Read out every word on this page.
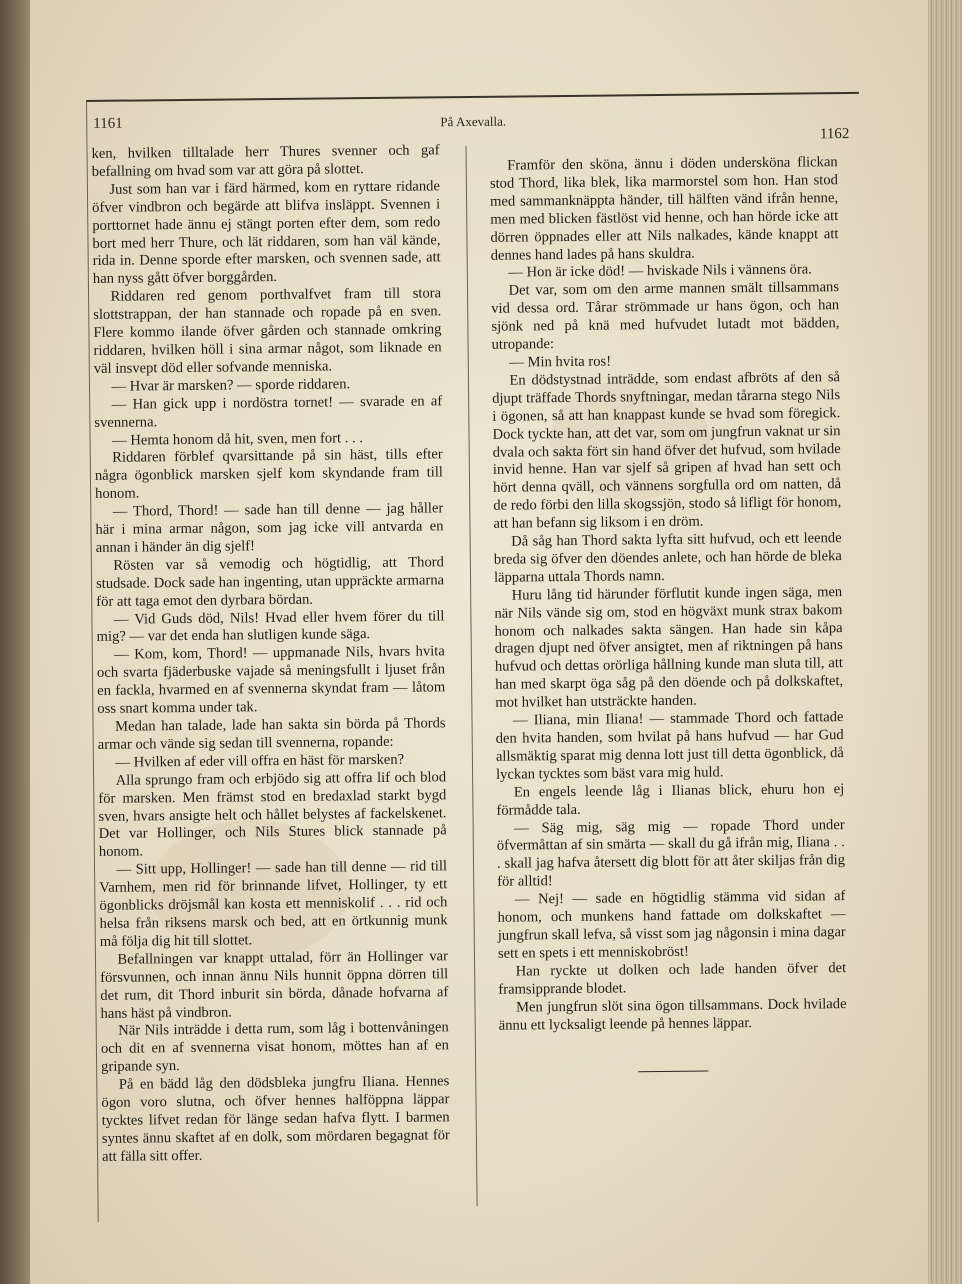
1161	På Axevalla.
1162

ken, hvilken tilltalade herr Thures svenner och gaf befallning om hvad som var att göra på slottet.

Just som han var i färd härmed, kom en ryttare ridande öfver vindbron och begärde att blifva insläppt. Svennen i porttornet hade ännu ej stängt porten efter dem, som redo bort med herr Thure, och lät riddaren, som han väl kände, rida in. Denne sporde efter marsken, och svennen sade, att han nyss gått öfver borggården.

Riddaren red genom porthvalfvet fram till stora slottstrappan, der han stannade och ropade på en sven. Flere kommo ilande öfver gården och stannade omkring riddaren, hvilken höll i sina armar något, som liknade en väl insvept död eller sofvande menniska.

— Hvar är marsken? — sporde riddaren.

— Han gick upp i nordöstra tornet! — svarade en af svennerna.

— Hemta honom då hit, sven, men fort . . .

Riddaren förblef qvarsittande på sin häst, tills efter några ögonblick marsken sjelf kom skyndande fram till honom.

— Thord, Thord! — sade han till denne — jag håller här i mina armar någon, som jag icke vill antvarda en annan i händer än dig sjelf!

Rösten var så vemodig och högtidlig, att Thord studsade. Dock sade han ingenting, utan uppräckte armarna för att taga emot den dyrbara bördan.

— Vid Guds död, Nils! Hvad eller hvem förer du till mig? — var det enda han slutligen kunde säga.

— Kom, kom, Thord! — uppmanade Nils, hvars hvita och svarta fjäderbuske vajade så meningsfullt i ljuset från en fackla, hvarmed en af svennerna skyndat fram — låtom oss snart komma under tak.

Medan han talade, lade han sakta sin börda på Thords armar och vände sig sedan till svennerna, ropande:

— Hvilken af eder vill offra en häst för marsken?

Alla sprungo fram och erbjödo sig att offra lif och blod för marsken. Men främst stod en bredaxlad starkt bygd sven, hvars ansigte helt och hållet belystes af fackelskenet. Det var Hollinger, och Nils Stures blick stannade på honom.

— Sitt upp, Hollinger! — sade han till denne — rid till Varnhem, men rid för brinnande lifvet, Hollinger, ty ett ögonblicks dröjsmål kan kosta ett menniskolif . . . rid och helsa från riksens marsk och bed, att en örtkunnig munk må följa dig hit till slottet.

Befallningen var knappt uttalad, förr än Hollinger var försvunnen, och innan ännu Nils hunnit öppna dörren till det rum, dit Thord inburit sin börda, dånade hofvarna af hans häst på vindbron.

När Nils inträdde i detta rum, som låg i bottenvåningen och dit en af svennerna visat honom, möttes han af en gripande syn.

På en bädd låg den dödsbleka jungfru Iliana. Hennes ögon voro slutna, och öfver hennes halföppna läppar tycktes lifvet redan för länge sedan hafva flytt. I barmen syntes ännu skaftet af en dolk, som mördaren begagnat för att fälla sitt offer.

Framför den sköna, ännu i döden undersköna flickan stod Thord, lika blek, lika marmorstel som hon. Han stod med sammanknäppta händer, till hälften vänd ifrån henne, men med blicken fästlöst vid henne, och han hörde icke att dörren öppnades eller att Nils nalkades, kände knappt att dennes hand lades på hans skuldra.

— Hon är icke död! — hviskade Nils i vännens öra.

Det var, som om den arme mannen smält tillsammans vid dessa ord. Tårar strömmade ur hans ögon, och han sjönk ned på knä med hufvudet lutadt mot bädden, utropande:

— Min hvita ros!

En dödstystnad inträdde, som endast afbröts af den så djupt träffade Thords snyftningar, medan tårarna stego Nils i ögonen, så att han knappast kunde se hvad som föregick. Dock tyckte han, att det var, som om jungfrun vaknat ur sin dvala och sakta fört sin hand öfver det hufvud, som hvilade invid henne. Han var sjelf så gripen af hvad han sett och hört denna qväll, och vännens sorgfulla ord om natten, då de redo förbi den lilla skogssjön, stodo så lifligt för honom, att han befann sig liksom i en dröm.

Då såg han Thord sakta lyfta sitt hufvud, och ett leende breda sig öfver den döendes anlete, och han hörde de bleka läpparna uttala Thords namn.

Huru lång tid härunder förflutit kunde ingen säga, men när Nils vände sig om, stod en högväxt munk strax bakom honom och nalkades sakta sängen. Han hade sin kåpa dragen djupt ned öfver ansigtet, men af riktningen på hans hufvud och dettas orörliga hållning kunde man sluta till, att han med skarpt öga såg på den döende och på dolkskaftet, mot hvilket han utsträckte handen.

— Iliana, min Iliana! — stammade Thord och fattade den hvita handen, som hvilat på hans hufvud — har Gud allsmäktig sparat mig denna lott just till detta ögonblick, då lyckan tycktes som bäst vara mig huld.

En engels leende låg i Ilianas blick, ehuru hon ej förmådde tala.

— Säg mig, säg mig — ropade Thord under öfvermåttan af sin smärta — skall du gå ifrån mig, Iliana . . . skall jag hafva återsett dig blott för att åter skiljas från dig för alltid!

— Nej! — sade en högtidlig stämma vid sidan af honom, och munkens hand fattade om dolkskaftet — jungfrun skall lefva, så visst som jag någonsin i mina dagar sett en spets i ett menniskobröst!

Han ryckte ut dolken och lade handen öfver det framsipprande blodet.

Men jungfrun slöt sina ögon tillsammans. Dock hvilade ännu ett lycksaligt leende på hennes läppar.
